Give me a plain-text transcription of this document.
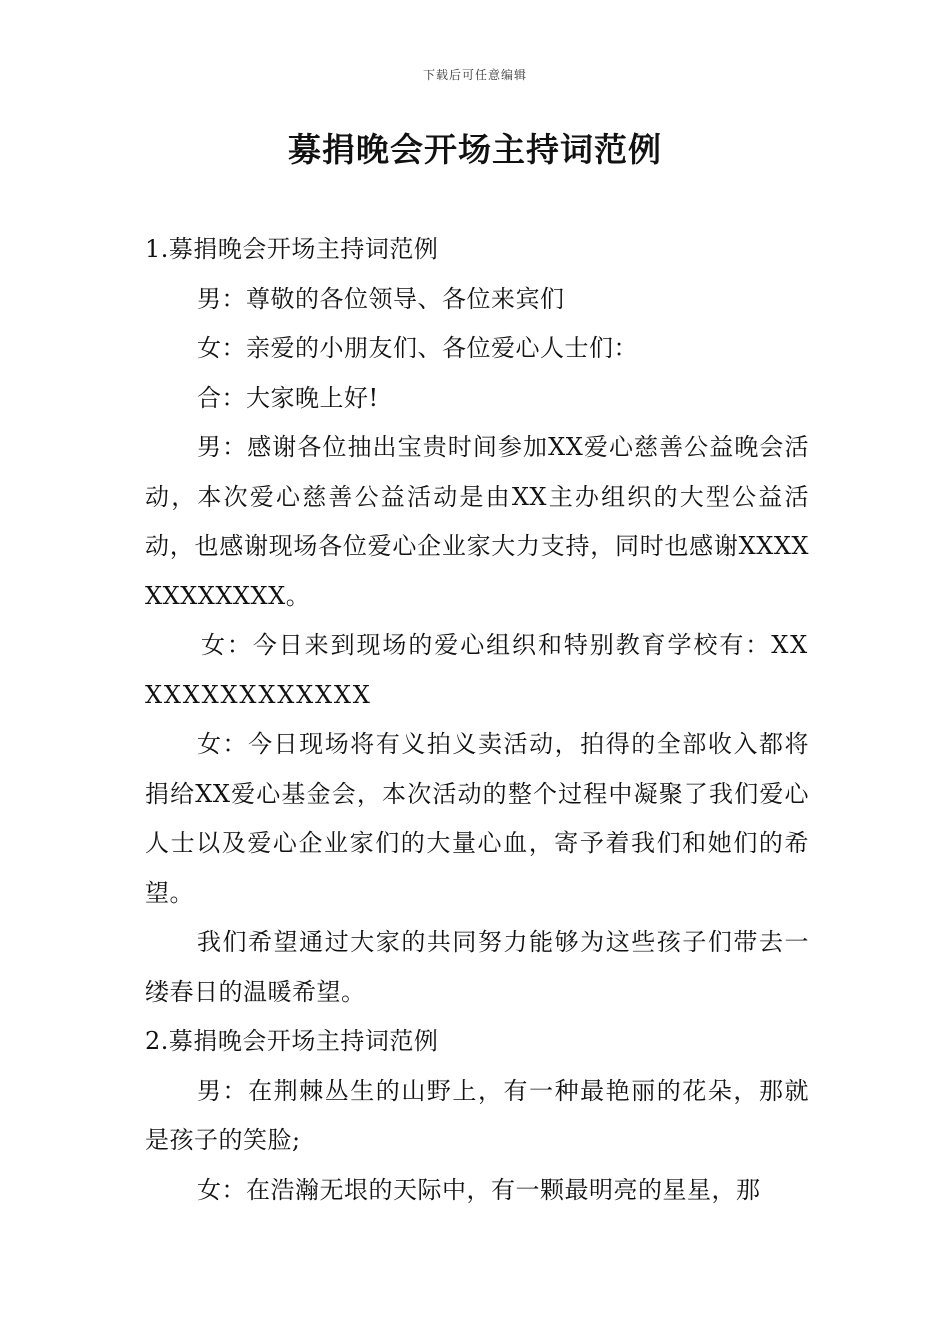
下载后可任意编辑
募捐晚会开场主持词范例

1.募捐晚会开场主持词范例

男：尊敬的各位领导、各位来宾们

女：亲爱的小朋友们、各位爱心人士们：

合：大家晚上好!

男：感谢各位抽出宝贵时间参加XX爱心慈善公益晚会活动，本次爱心慈善公益活动是由XX主办组织的大型公益活动，也感谢现场各位爱心企业家大力支持，同时也感谢XXXXXXXXXXXX。

女：今日来到现场的爱心组织和特别教育学校有：XXXXXXXXXXXXXX

女：今日现场将有义拍义卖活动，拍得的全部收入都将捐给XX爱心基金会，本次活动的整个过程中凝聚了我们爱心人士以及爱心企业家们的大量心血，寄予着我们和她们的希望。

我们希望通过大家的共同努力能够为这些孩子们带去一缕春日的温暖希望。

2.募捐晚会开场主持词范例

男：在荆棘丛生的山野上，有一种最艳丽的花朵，那就是孩子的笑脸;

女：在浩瀚无垠的天际中，有一颗最明亮的星星，那
